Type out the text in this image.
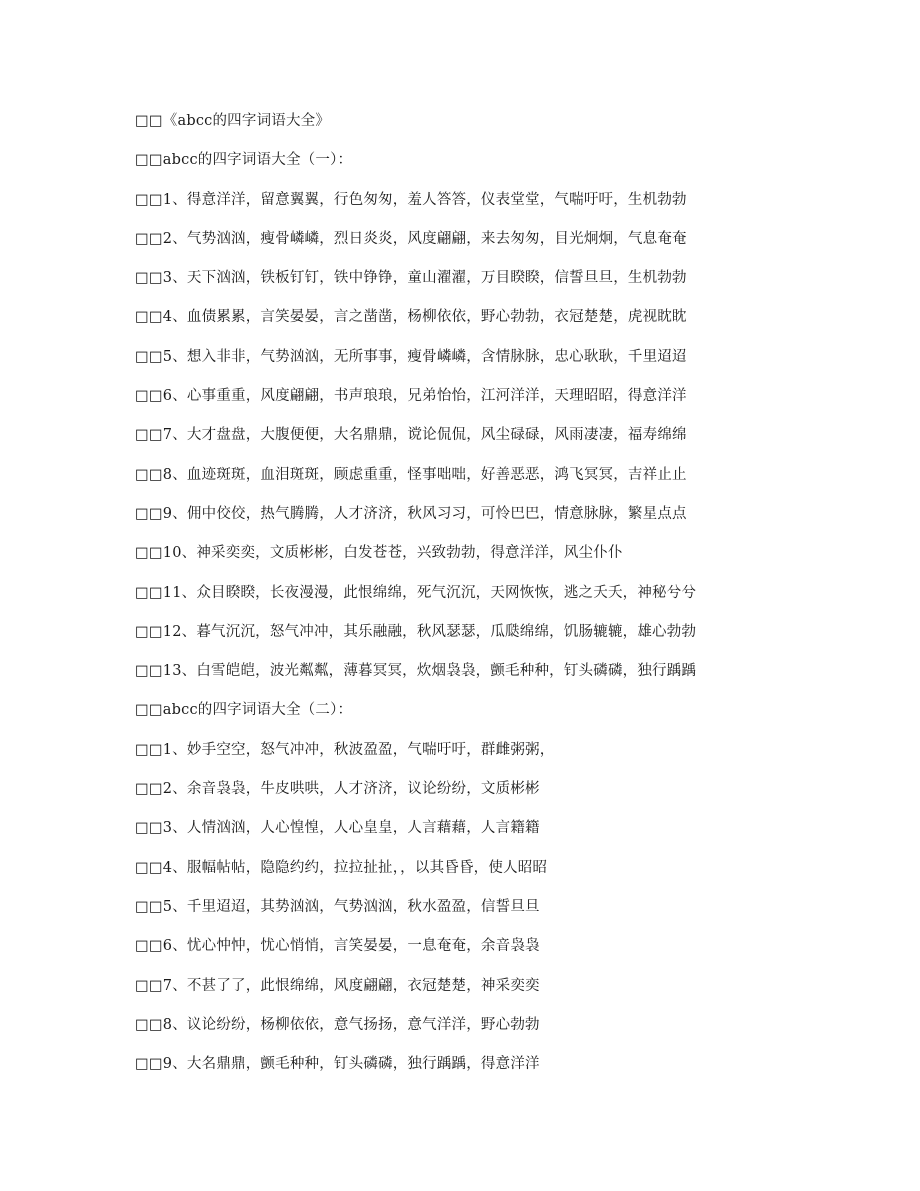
□□《abcc的四字词语大全》
□□abcc的四字词语大全（一）：
□□1、得意洋洋，留意翼翼，行色匆匆，羞人答答，仪表堂堂，气喘吁吁，生机勃勃
□□2、气势汹汹，瘦骨嶙嶙，烈日炎炎，风度翩翩，来去匆匆，目光炯炯，气息奄奄
□□3、天下汹汹，铁板钉钉，铁中铮铮，童山濯濯，万目睽睽，信誓旦旦，生机勃勃
□□4、血债累累，言笑晏晏，言之凿凿，杨柳依依，野心勃勃，衣冠楚楚，虎视眈眈
□□5、想入非非，气势汹汹，无所事事，瘦骨嶙嶙，含情脉脉，忠心耿耿，千里迢迢
□□6、心事重重，风度翩翩，书声琅琅，兄弟怡怡，江河洋洋，天理昭昭，得意洋洋
□□7、大才盘盘，大腹便便，大名鼎鼎，谠论侃侃，风尘碌碌，风雨凄凄，福寿绵绵
□□8、血迹斑斑，血泪斑斑，顾虑重重，怪事咄咄，好善恶恶，鸿飞冥冥，吉祥止止
□□9、佣中佼佼，热气腾腾，人才济济，秋风习习，可怜巴巴，情意脉脉，繁星点点
□□10、神采奕奕，文质彬彬，白发苍苍，兴致勃勃，得意洋洋，风尘仆仆
□□11、众目睽睽，长夜漫漫，此恨绵绵，死气沉沉，天网恢恢，逃之夭夭，神秘兮兮
□□12、暮气沉沉，怒气冲冲，其乐融融，秋风瑟瑟，瓜瓞绵绵，饥肠辘辘，雄心勃勃
□□13、白雪皑皑，波光粼粼，薄暮冥冥，炊烟袅袅，颤毛种种，钉头磷磷，独行踽踽
□□abcc的四字词语大全（二）：
□□1、妙手空空，怒气冲冲，秋波盈盈，气喘吁吁，群雌粥粥，
□□2、余音袅袅，牛皮哄哄，人才济济，议论纷纷，文质彬彬
□□3、人情汹汹，人心惶惶，人心皇皇，人言藉藉，人言籍籍
□□4、服幅帖帖，隐隐约约，拉拉扯扯，，以其昏昏，使人昭昭
□□5、千里迢迢，其势汹汹，气势汹汹，秋水盈盈，信誓旦旦
□□6、忧心忡忡，忧心悄悄，言笑晏晏，一息奄奄，余音袅袅
□□7、不甚了了，此恨绵绵，风度翩翩，衣冠楚楚，神采奕奕
□□8、议论纷纷，杨柳依依，意气扬扬，意气洋洋，野心勃勃
□□9、大名鼎鼎，颤毛种种，钉头磷磷，独行踽踽，得意洋洋
